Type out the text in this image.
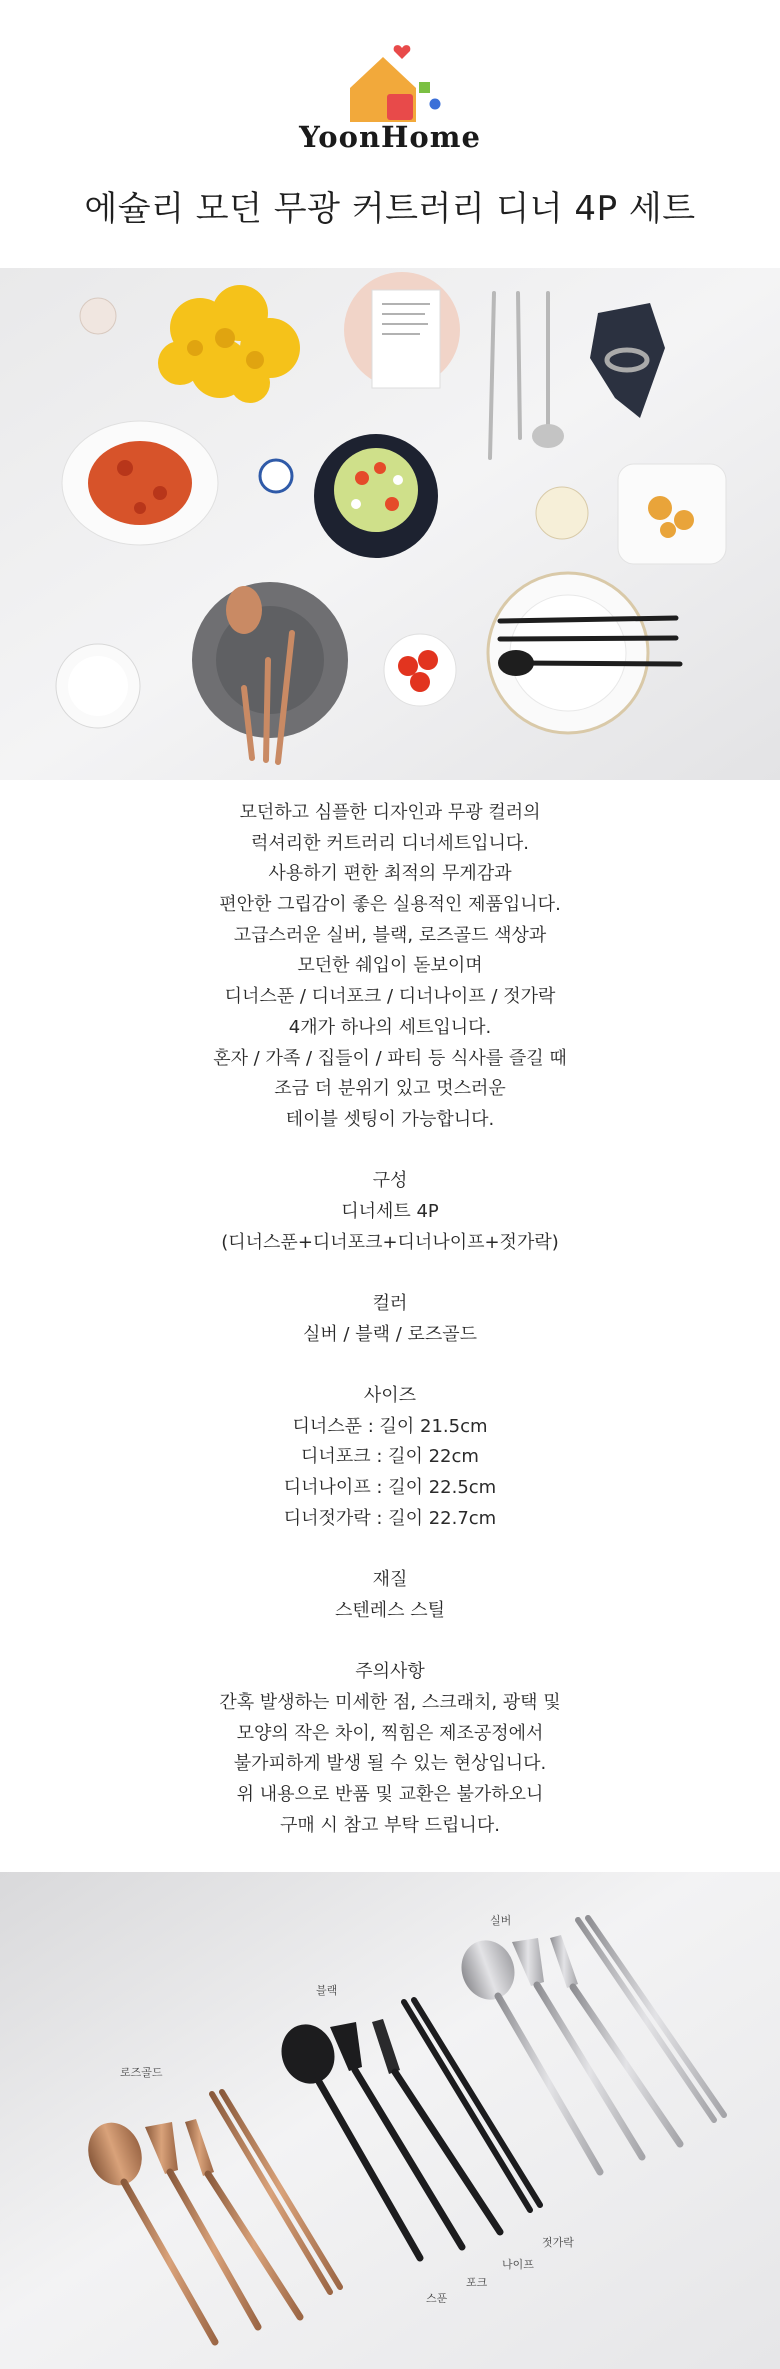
YoonHome
에슐리 모던 무광 커트러리 디너 4P 세트
모던하고 심플한 디자인과 무광 컬러의
럭셔리한 커트러리 디너세트입니다.
사용하기 편한 최적의 무게감과
편안한 그립감이 좋은 실용적인 제품입니다.
고급스러운 실버, 블랙, 로즈골드 색상과
모던한 쉐입이 돋보이며
디너스푼 / 디너포크 / 디너나이프 / 젓가락
4개가 하나의 세트입니다.
혼자 / 가족 / 집들이 / 파티 등 식사를 즐길 때
조금 더 분위기 있고 멋스러운
테이블 셋팅이 가능합니다.
구성
디너세트 4P
(디너스푼+디너포크+디너나이프+젓가락)
컬러
실버 / 블랙 / 로즈골드
사이즈
디너스푼 : 길이 21.5cm
디너포크 : 길이 22cm
디너나이프 : 길이 22.5cm
디너젓가락 : 길이 22.7cm
재질
스텐레스 스틸
주의사항
간혹 발생하는 미세한 점, 스크래치, 광택 및
모양의 작은 차이, 찍힘은 제조공정에서
불가피하게 발생 될 수 있는 현상입니다.
위 내용으로 반품 및 교환은 불가하오니
구매 시 참고 부탁 드립니다.
로즈골드
블랙
실버
스푼
포크
나이프
젓가락
